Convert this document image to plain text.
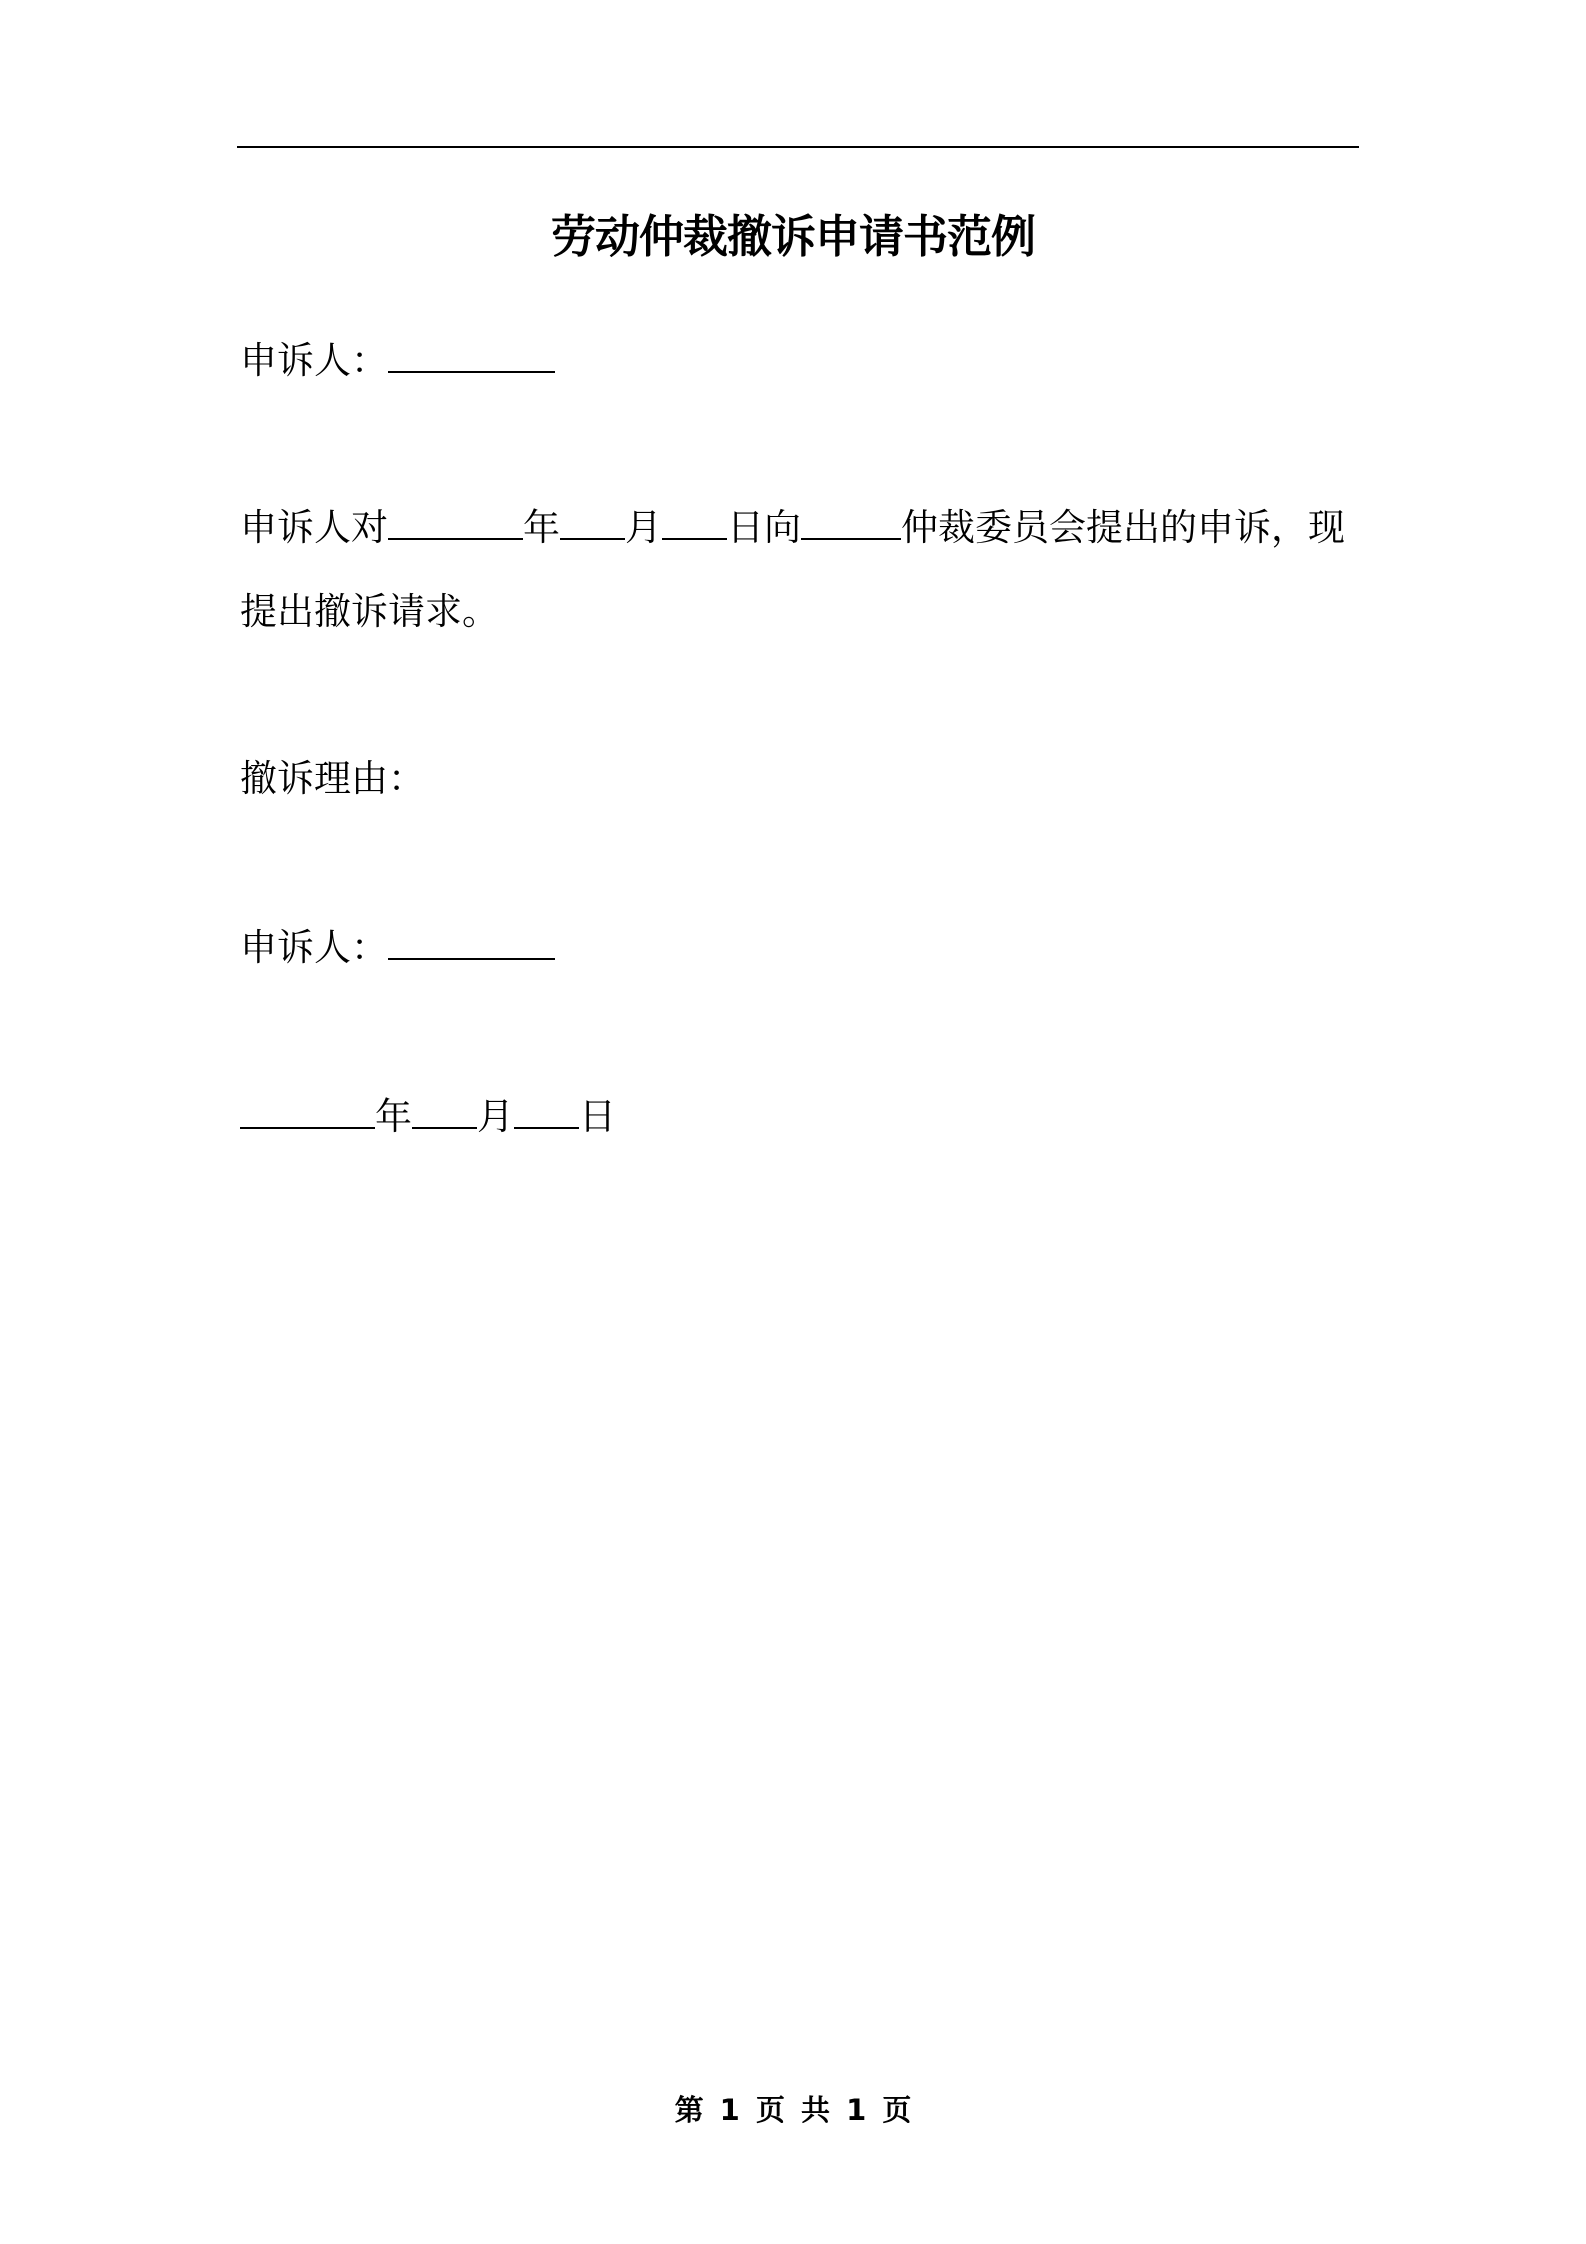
劳动仲裁撤诉申请书范例
申诉人：
申诉人对	年 月 日向	仲裁委员会提出的申诉，现
提出撤诉请求。
撤诉理由：
申诉人：
年 月 日
第 1 页 共 1 页
